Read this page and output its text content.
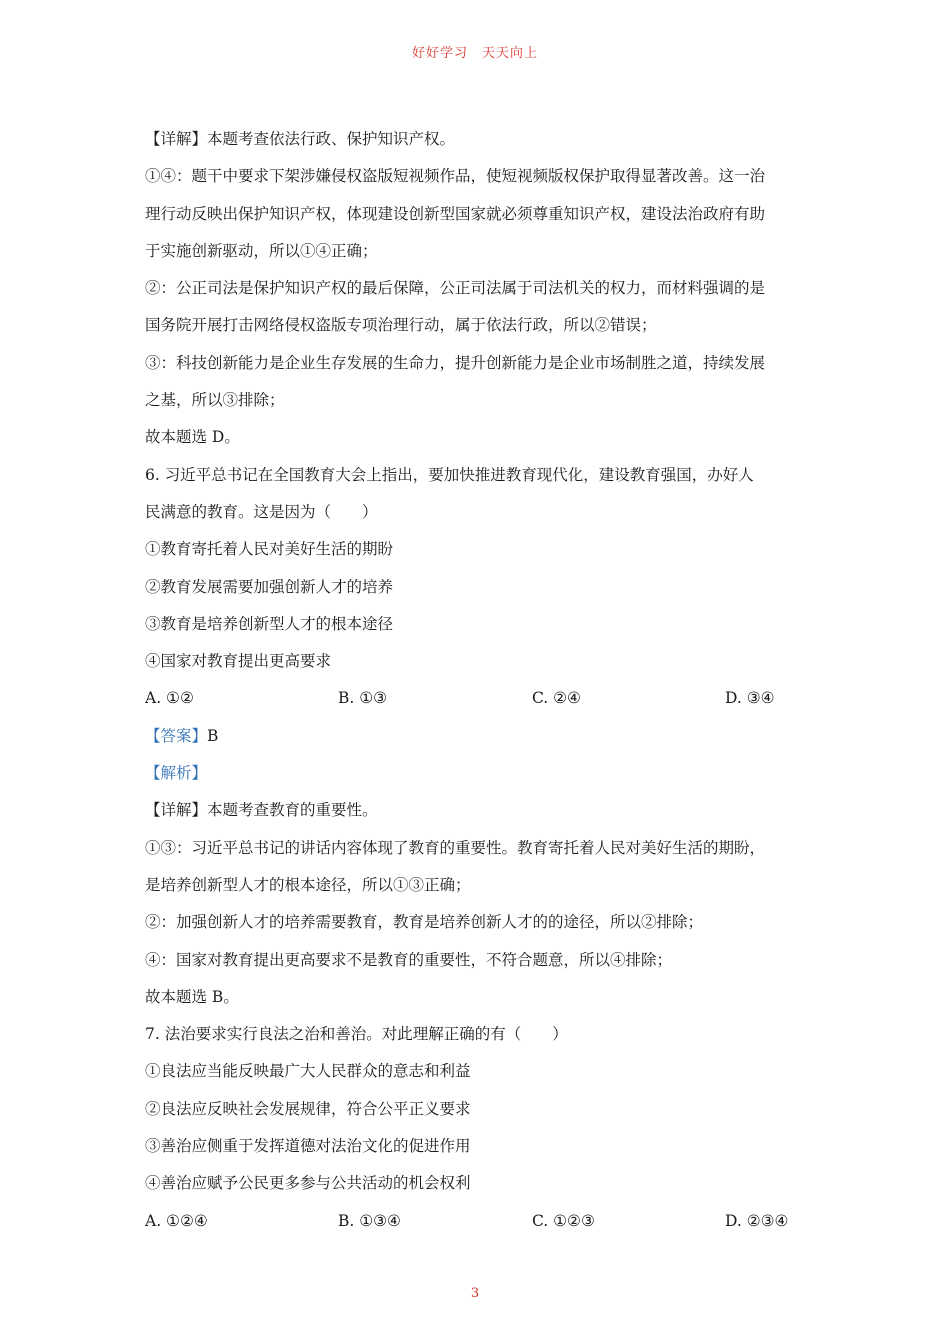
好好学习　天天向上
【详解】本题考查依法行政、保护知识产权。
①④：题干中要求下架涉嫌侵权盗版短视频作品，使短视频版权保护取得显著改善。这一治
理行动反映出保护知识产权，体现建设创新型国家就必须尊重知识产权，建设法治政府有助
于实施创新驱动，所以①④正确；
②：公正司法是保护知识产权的最后保障，公正司法属于司法机关的权力，而材料强调的是
国务院开展打击网络侵权盗版专项治理行动，属于依法行政，所以②错误；
③：科技创新能力是企业生存发展的生命力，提升创新能力是企业市场制胜之道，持续发展
之基，所以③排除；
故本题选 D。
6. 习近平总书记在全国教育大会上指出，要加快推进教育现代化，建设教育强国，办好人
民满意的教育。这是因为（　　）
①教育寄托着人民对美好生活的期盼
②教育发展需要加强创新人才的培养
③教育是培养创新型人才的根本途径
④国家对教育提出更高要求
A. ①②	B. ①③	C. ②④	D. ③④
【答案】B
【解析】
【详解】本题考查教育的重要性。
①③：习近平总书记的讲话内容体现了教育的重要性。教育寄托着人民对美好生活的期盼，
是培养创新型人才的根本途径，所以①③正确；
②：加强创新人才的培养需要教育，教育是培养创新人才的的途径，所以②排除；
④：国家对教育提出更高要求不是教育的重要性，不符合题意，所以④排除；
故本题选 B。
7. 法治要求实行良法之治和善治。对此理解正确的有（　　）
①良法应当能反映最广大人民群众的意志和利益
②良法应反映社会发展规律，符合公平正义要求
③善治应侧重于发挥道德对法治文化的促进作用
④善治应赋予公民更多参与公共活动的机会权利
A. ①②④	B. ①③④	C. ①②③	D. ②③④
3
